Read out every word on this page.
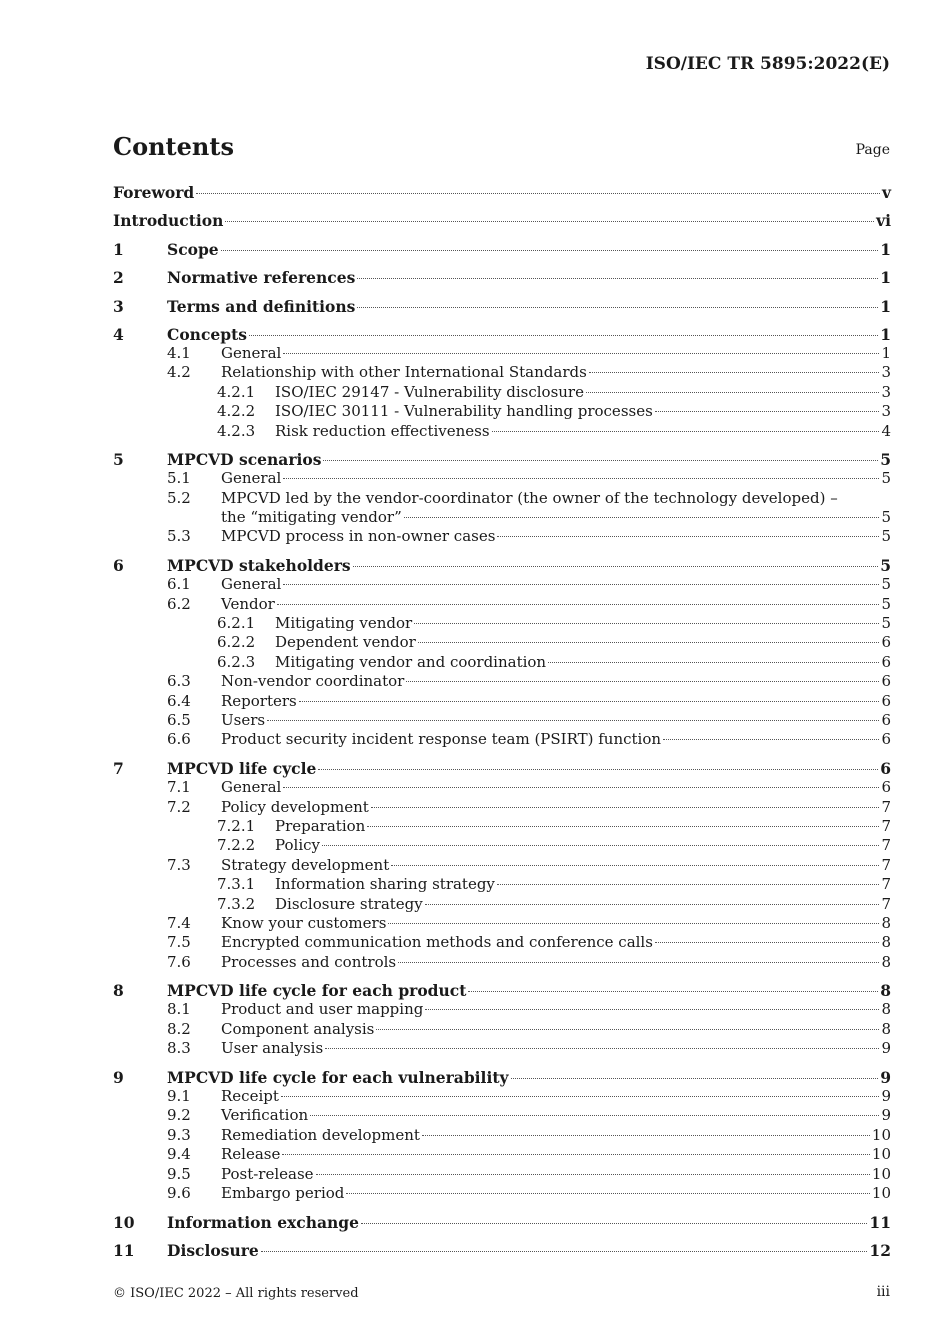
ISO/IEC TR 5895:2022(E)
Contents	Page
Foreword	v
Introduction	vi
1	Scope	1
2	Normative references	1
3	Terms and definitions	1
4	Concepts	1
4.1	General	1
4.2	Relationship with other International Standards	3
4.2.1	ISO/IEC 29147 - Vulnerability disclosure	3
4.2.2	ISO/IEC 30111 - Vulnerability handling processes	3
4.2.3	Risk reduction effectiveness	4
5	MPCVD scenarios	5
5.1	General	5
5.2	MPCVD led by the vendor-coordinator (the owner of the technology developed) –
the “mitigating vendor”	5
5.3	MPCVD process in non-owner cases	5
6	MPCVD stakeholders	5
6.1	General	5
6.2	Vendor	5
6.2.1	Mitigating vendor	5
6.2.2	Dependent vendor	6
6.2.3	Mitigating vendor and coordination	6
6.3	Non-vendor coordinator	6
6.4	Reporters	6
6.5	Users	6
6.6	Product security incident response team (PSIRT) function	6
7	MPCVD life cycle	6
7.1	General	6
7.2	Policy development	7
7.2.1	Preparation	7
7.2.2	Policy	7
7.3	Strategy development	7
7.3.1	Information sharing strategy	7
7.3.2	Disclosure strategy	7
7.4	Know your customers	8
7.5	Encrypted communication methods and conference calls	8
7.6	Processes and controls	8
8	MPCVD life cycle for each product	8
8.1	Product and user mapping	8
8.2	Component analysis	8
8.3	User analysis	9
9	MPCVD life cycle for each vulnerability	9
9.1	Receipt	9
9.2	Verification	9
9.3	Remediation development	10
9.4	Release	10
9.5	Post-release	10
9.6	Embargo period	10
10	Information exchange	11
11	Disclosure	12
© ISO/IEC 2022 – All rights reserved	iii
